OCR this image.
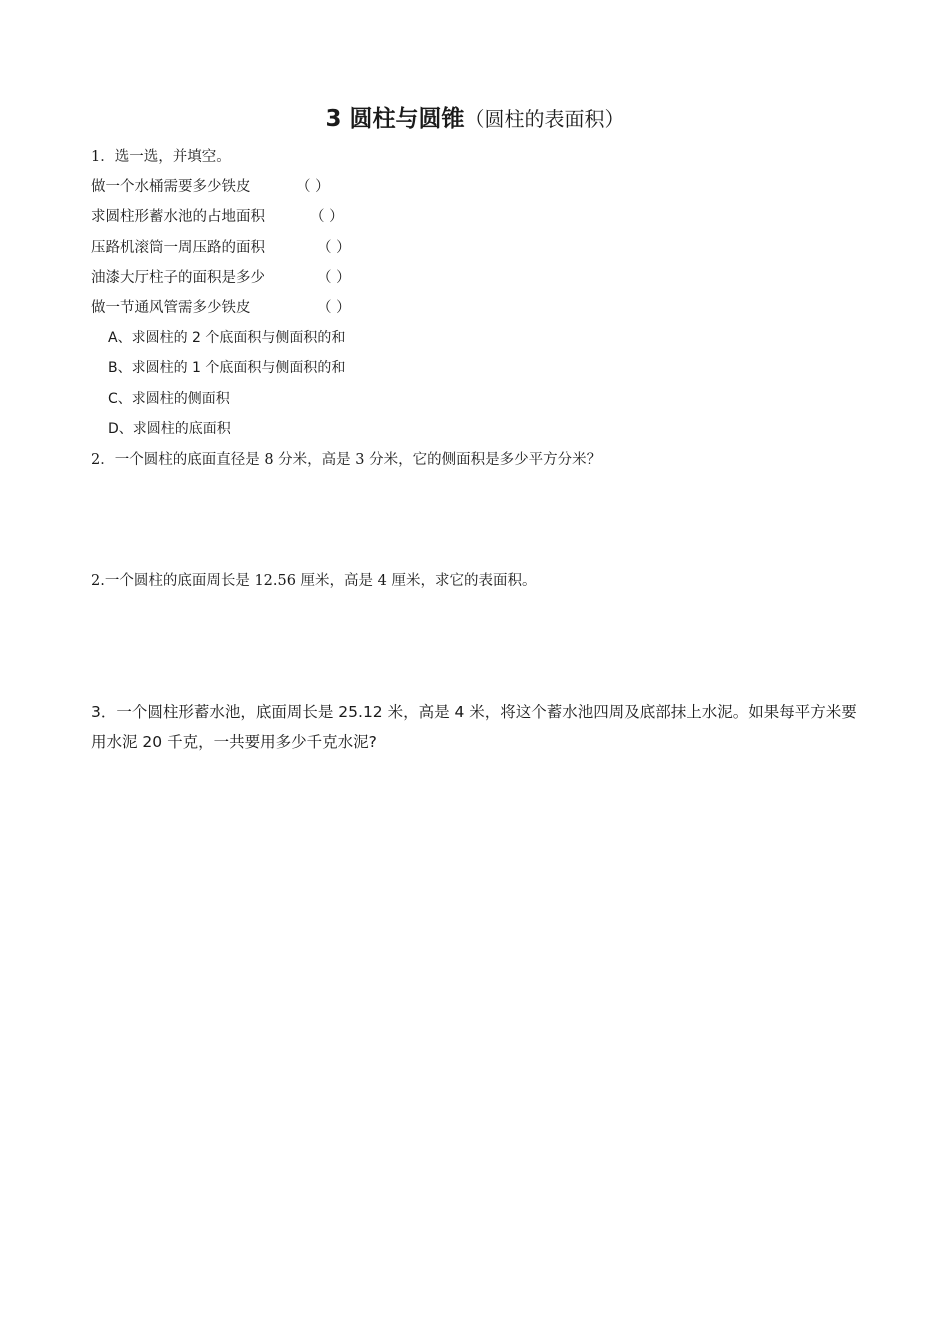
3 圆柱与圆锥（圆柱的表面积）
1．选一选，并填空。
做一个水桶需要多少铁皮	（ ）
求圆柱形蓄水池的占地面积	（ ）
压路机滚筒一周压路的面积	（ ）
油漆大厅柱子的面积是多少	（ ）
做一节通风管需多少铁皮	（ ）
A、求圆柱的 2 个底面积与侧面积的和
B、求圆柱的 1 个底面积与侧面积的和
C、求圆柱的侧面积
D、求圆柱的底面积
2．一个圆柱的底面直径是 8 分米，高是 3 分米，它的侧面积是多少平方分米？
2.一个圆柱的底面周长是 12.56 厘米，高是 4 厘米，求它的表面积。
3．一个圆柱形蓄水池，底面周长是 25.12 米，高是 4 米，将这个蓄水池四周及底部抹上水泥。如果每平方米要用水泥 20 千克，一共要用多少千克水泥?
